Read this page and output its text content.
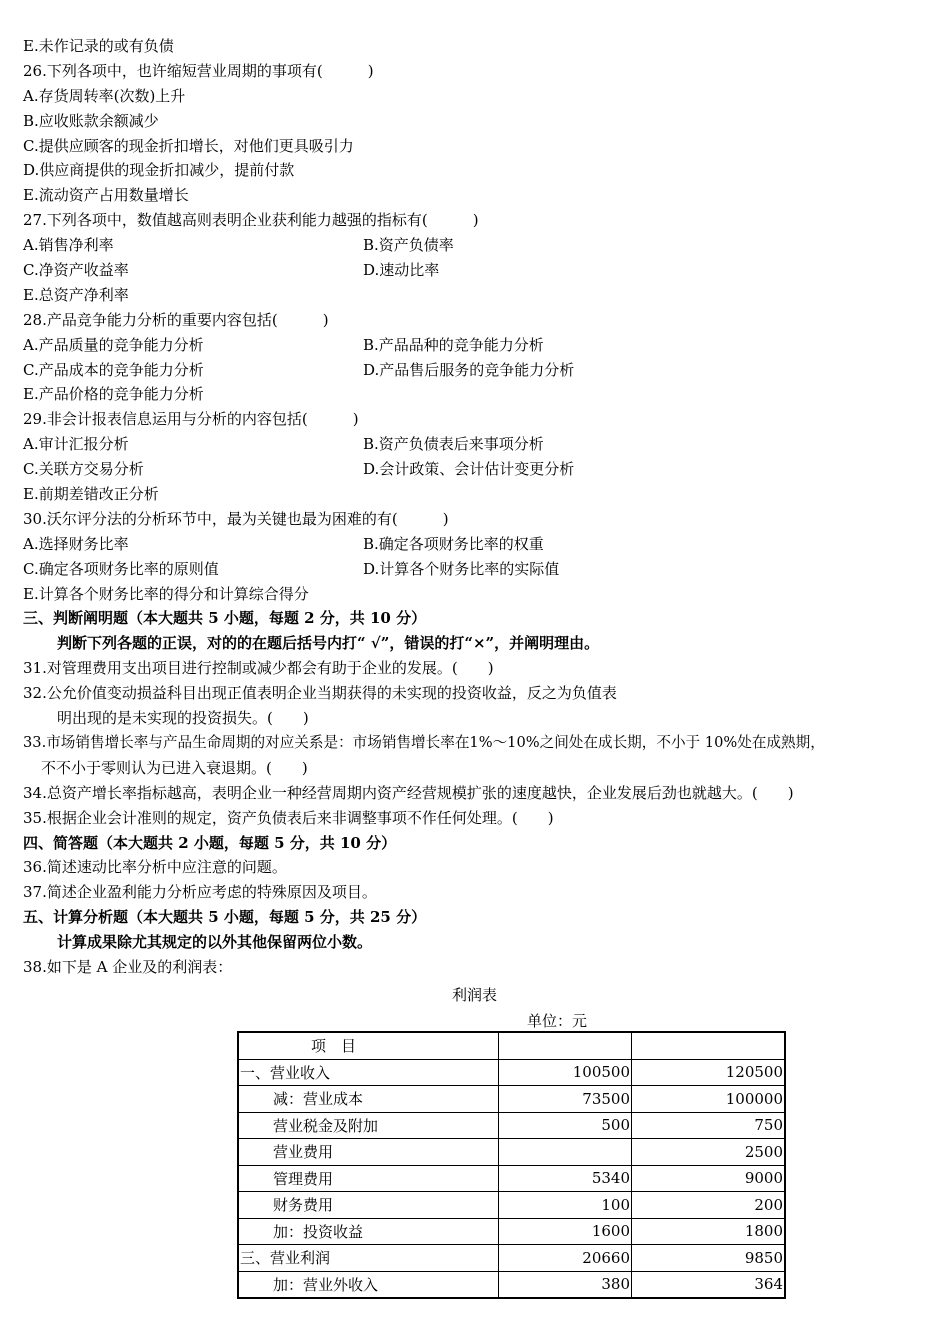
E.未作记录的或有负债
26.下列各项中，也许缩短营业周期的事项有(　　　)
A.存货周转率(次数)上升
B.应收账款余额减少
C.提供应顾客的现金折扣增长，对他们更具吸引力
D.供应商提供的现金折扣减少，提前付款
E.流动资产占用数量增长
27.下列各项中，数值越高则表明企业获利能力越强的指标有(　　　)
A.销售净利率	B.资产负债率
C.净资产收益率	D.速动比率
E.总资产净利率
28.产品竞争能力分析的重要内容包括(　　　)
A.产品质量的竞争能力分析	B.产品品种的竞争能力分析
C.产品成本的竞争能力分析	D.产品售后服务的竞争能力分析
E.产品价格的竞争能力分析
29.非会计报表信息运用与分析的内容包括(　　　)
A.审计汇报分析	B.资产负债表后来事项分析
C.关联方交易分析	D.会计政策、会计估计变更分析
E.前期差错改正分析
30.沃尔评分法的分析环节中，最为关键也最为困难的有(　　　)
A.选择财务比率	B.确定各项财务比率的权重
C.确定各项财务比率的原则值	D.计算各个财务比率的实际值
E.计算各个财务比率的得分和计算综合得分
三、判断阐明题（本大题共 5 小题，每题 2 分，共 10 分）
判断下列各题的正误，对的的在题后括号内打“ √”，错误的打“×”，并阐明理由。
31.对管理费用支出项目进行控制或减少都会有助于企业的发展。(　　)
32.公允价值变动损益科目出现正值表明企业当期获得的未实现的投资收益，反之为负值表
明出现的是未实现的投资损失。(　　)
33.市场销售增长率与产品生命周期的对应关系是：市场销售增长率在1%～10%之间处在成长期，不小于 10%处在成熟期，
不不小于零则认为已进入衰退期。(　　)
34.总资产增长率指标越高，表明企业一种经营周期内资产经营规模扩张的速度越快，企业发展后劲也就越大。(　　)
35.根据企业会计准则的规定，资产负债表后来非调整事项不作任何处理。(　　)
四、简答题（本大题共 2 小题，每题 5 分，共 10 分）
36.简述速动比率分析中应注意的问题。
37.简述企业盈利能力分析应考虑的特殊原因及项目。
五、计算分析题（本大题共 5 小题，每题 5 分，共 25 分）
计算成果除尤其规定的以外其他保留两位小数。
38.如下是 A 企业及的利润表：
利润表
单位：元
项　目		
一、营业收入	100500	120500
减：营业成本	73500	100000
营业税金及附加	500	750
营业费用		2500
管理费用	5340	9000
财务费用	100	200
加：投资收益	1600	1800
三、营业利润	20660	9850
加：营业外收入	380	364
